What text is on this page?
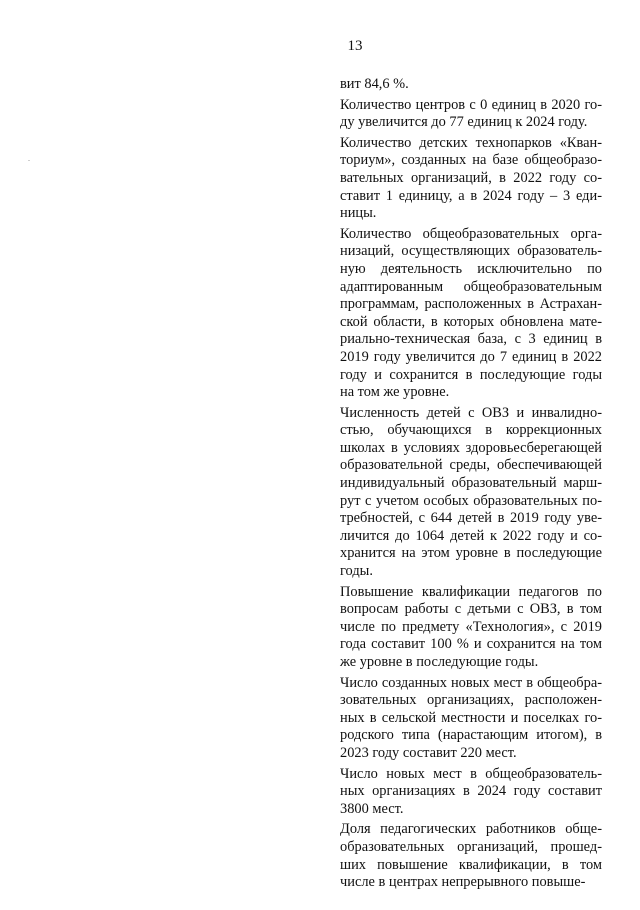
13

вит 84,6 %.

Количество центров с 0 единиц в 2020 го-
ду увеличится до 77 единиц к 2024 году.

Количество детских технопарков «Кван-
ториум», созданных на базе общеобразо-
вательных организаций, в 2022 году со-
ставит 1 единицу, а в 2024 году – 3 еди-
ницы.

Количество общеобразовательных орга-
низаций, осуществляющих образователь-
ную деятельность исключительно по
адаптированным общеобразовательным
программам, расположенных в Астрахан-
ской области, в которых обновлена мате-
риально-техническая база, с 3 единиц в
2019 году увеличится до 7 единиц в 2022
году и сохранится в последующие годы
на том же уровне.

Численность детей с ОВЗ и инвалидно-
стью, обучающихся в коррекционных
школах в условиях здоровьесберегающей
образовательной среды, обеспечивающей
индивидуальный образовательный марш-
рут с учетом особых образовательных по-
требностей, с 644 детей в 2019 году уве-
личится до 1064 детей к 2022 году и со-
хранится на этом уровне в последующие
годы.

Повышение квалификации педагогов по
вопросам работы с детьми с ОВЗ, в том
числе по предмету «Технология», с 2019
года составит 100 % и сохранится на том
же уровне в последующие годы.

Число созданных новых мест в общеобра-
зовательных организациях, расположен-
ных в сельской местности и поселках го-
родского типа (нарастающим итогом), в
2023 году составит 220 мест.

Число новых мест в общеобразователь-
ных организациях в 2024 году составит
3800 мест.

Доля педагогических работников обще-
образовательных организаций, прошед-
ших повышение квалификации, в том
числе в центрах непрерывного повыше-
